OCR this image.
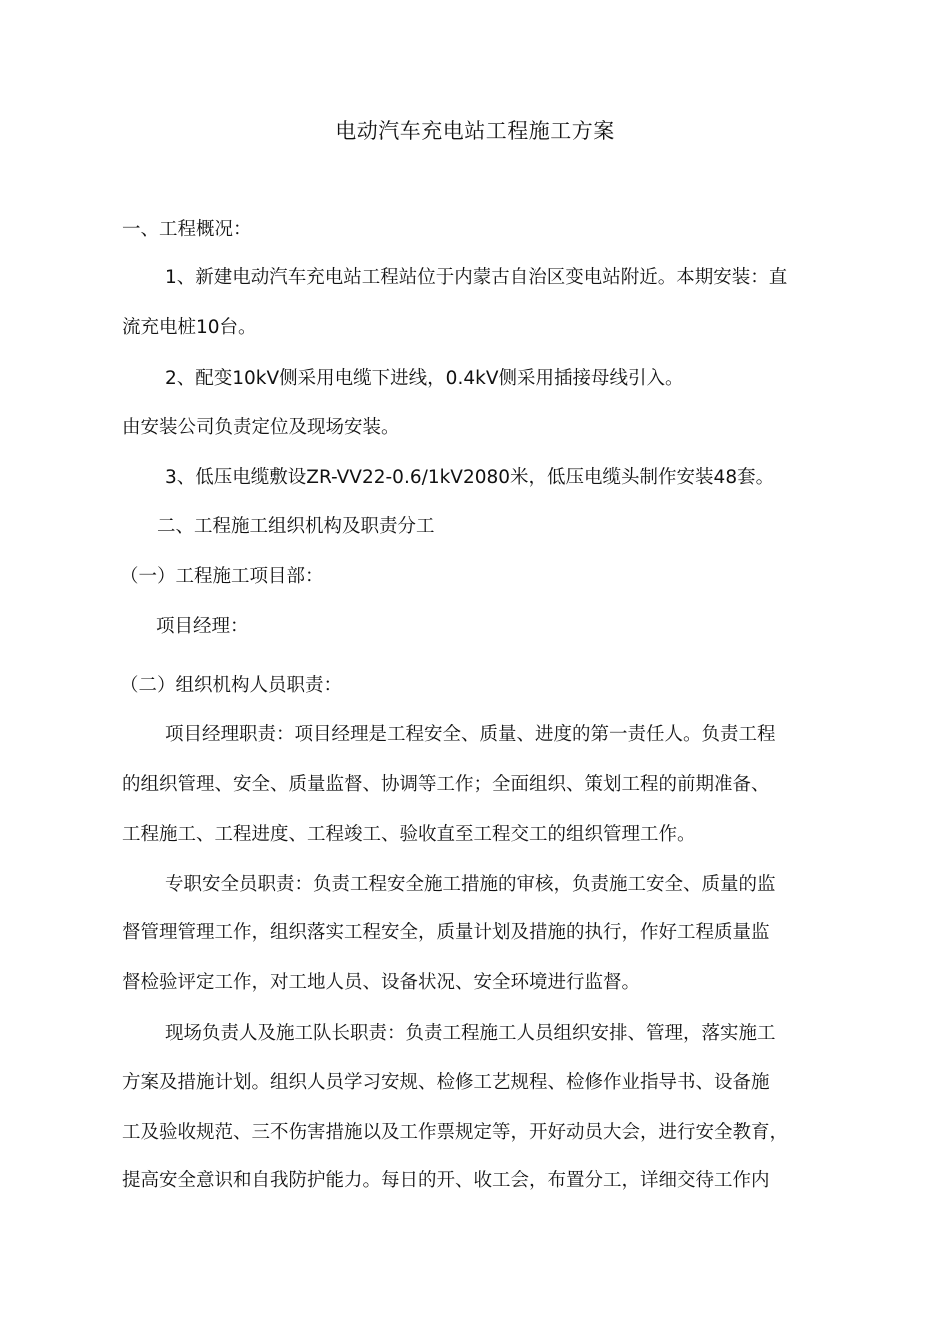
电动汽车充电站工程施工方案
一、工程概况：
1、新建电动汽车充电站工程站位于内蒙古自治区变电站附近。本期安装：直
流充电桩10台。
2、配变10kV侧采用电缆下进线，0.4kV侧采用插接母线引入。
由安装公司负责定位及现场安装。
3、低压电缆敷设ZR-VV22-0.6/1kV2080米，低压电缆头制作安装48套。
二、工程施工组织机构及职责分工
（一）工程施工项目部：
项目经理：
（二）组织机构人员职责：
项目经理职责：项目经理是工程安全、质量、进度的第一责任人。负责工程
的组织管理、安全、质量监督、协调等工作；全面组织、策划工程的前期准备、
工程施工、工程进度、工程竣工、验收直至工程交工的组织管理工作。
专职安全员职责：负责工程安全施工措施的审核，负责施工安全、质量的监
督管理管理工作，组织落实工程安全，质量计划及措施的执行，作好工程质量监
督检验评定工作，对工地人员、设备状况、安全环境进行监督。
现场负责人及施工队长职责：负责工程施工人员组织安排、管理，落实施工
方案及措施计划。组织人员学习安规、检修工艺规程、检修作业指导书、设备施
工及验收规范、三不伤害措施以及工作票规定等，开好动员大会，进行安全教育，
提高安全意识和自我防护能力。每日的开、收工会，布置分工，详细交待工作内
